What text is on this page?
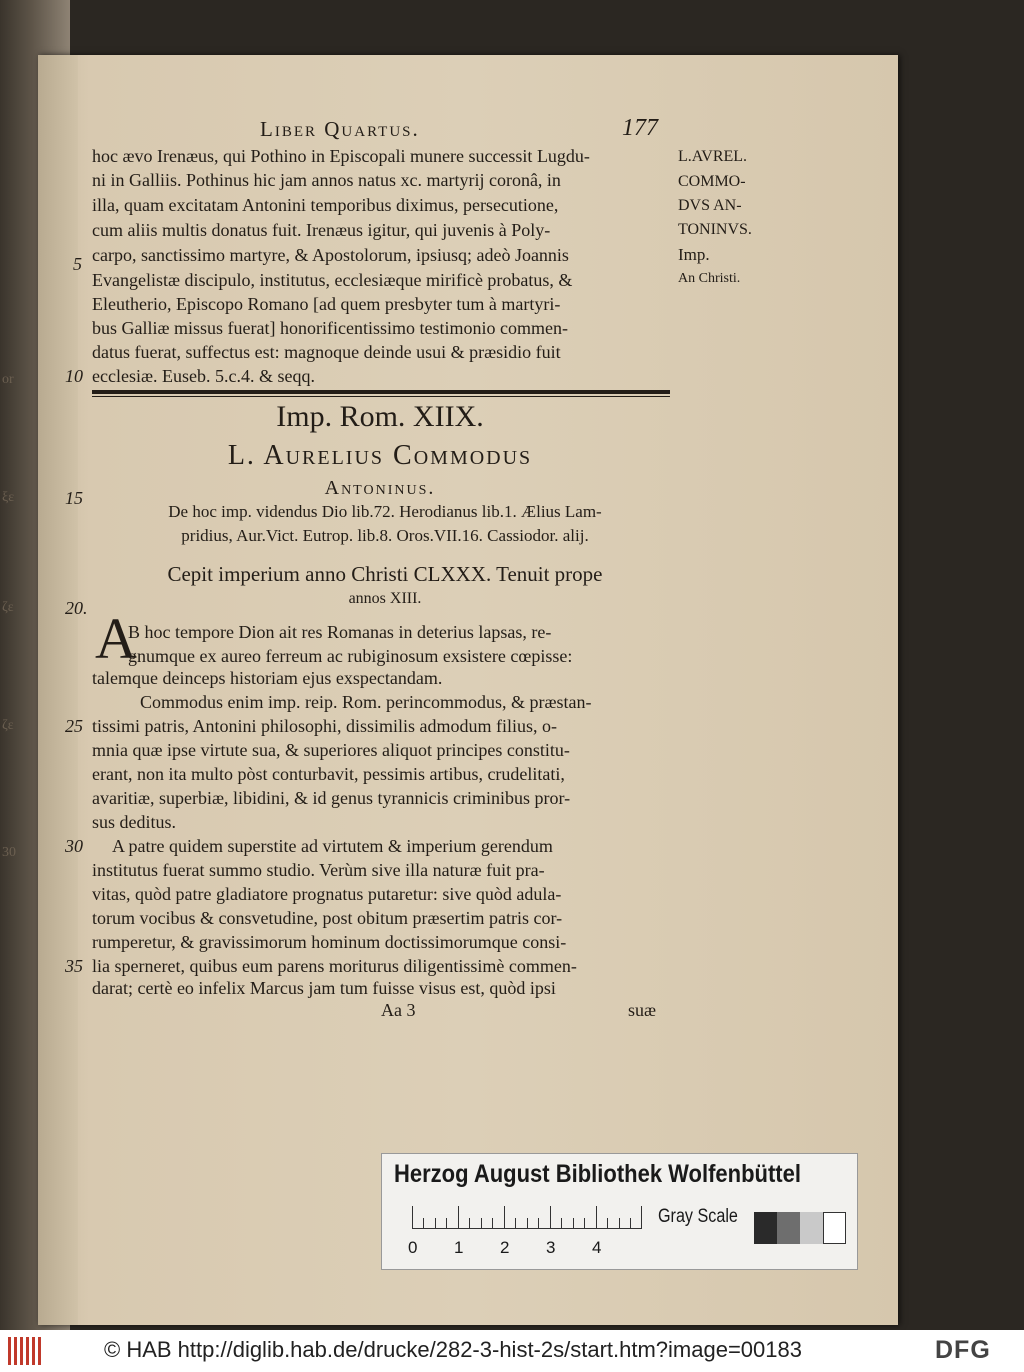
Liber Quartus.	177
hoc ævo Irenæus, qui Pothino in Episcopali munere successit Lugdu-
ni in Galliis. Pothinus hic jam annos natus xc. martyrij coronâ, in
illa, quam excitatam Antonini temporibus diximus, persecutione,
cum aliis multis donatus fuit. Irenæus igitur, qui juvenis à Poly-
carpo, sanctissimo martyre, & Apostolorum, ipsiusq; adeò Joannis
Evangelistæ discipulo, institutus, ecclesiæque mirificè probatus, &
Eleutherio, Episcopo Romano [ad quem presbyter tum à martyri-
bus Galliæ missus fuerat] honorificentissimo testimonio commen-
datus fuerat, suffectus est: magnoque deinde usui & præsidio fuit
ecclesiæ. Euseb. 5.c.4. & seqq.
L.AVREL.
COMMO-
DVS AN-
TONINVS.
Imp.
An Christi.
5
10
15
20.
25
30
35
or
ξε
ζε
ζε
30
Imp. Rom. XIIX.
L. Aurelius Commodus
Antoninus.
De hoc imp. videndus Dio lib.72. Herodianus lib.1. Ælius Lam-
pridius, Aur.Vict. Eutrop. lib.8. Oros.VII.16. Cassiodor. alij.
Cepit imperium anno Christi CLXXX. Tenuit prope
annos XIII.
A
B hoc tempore Dion ait res Romanas in deterius lapsas, re-
gnumque ex aureo ferreum ac rubiginosum exsistere cœpisse:
talemque deinceps historiam ejus exspectandam.
Commodus enim imp. reip. Rom. perincommodus, & præstan-
tissimi patris, Antonini philosophi, dissimilis admodum filius, o-
mnia quæ ipse virtute sua, & superiores aliquot principes constitu-
erant, non ita multo pòst conturbavit, pessimis artibus, crudelitati,
avaritiæ, superbiæ, libidini, & id genus tyrannicis criminibus pror-
sus deditus.
A patre quidem superstite ad virtutem & imperium gerendum
institutus fuerat summo studio. Verùm sive illa naturæ fuit pra-
vitas, quòd patre gladiatore prognatus putaretur: sive quòd adula-
torum vocibus & consvetudine, post obitum præsertim patris cor-
rumperetur, & gravissimorum hominum doctissimorumque consi-
lia sperneret, quibus eum parens moriturus diligentissimè commen-
darat; certè eo infelix Marcus jam tum fuisse visus est, quòd ipsi
Aa 3	suæ
Herzog August Bibliothek Wolfenbüttel
0 1 2 3 4
Gray Scale
© HAB http://diglib.hab.de/drucke/282-3-hist-2s/start.htm?image=00183	DFG
